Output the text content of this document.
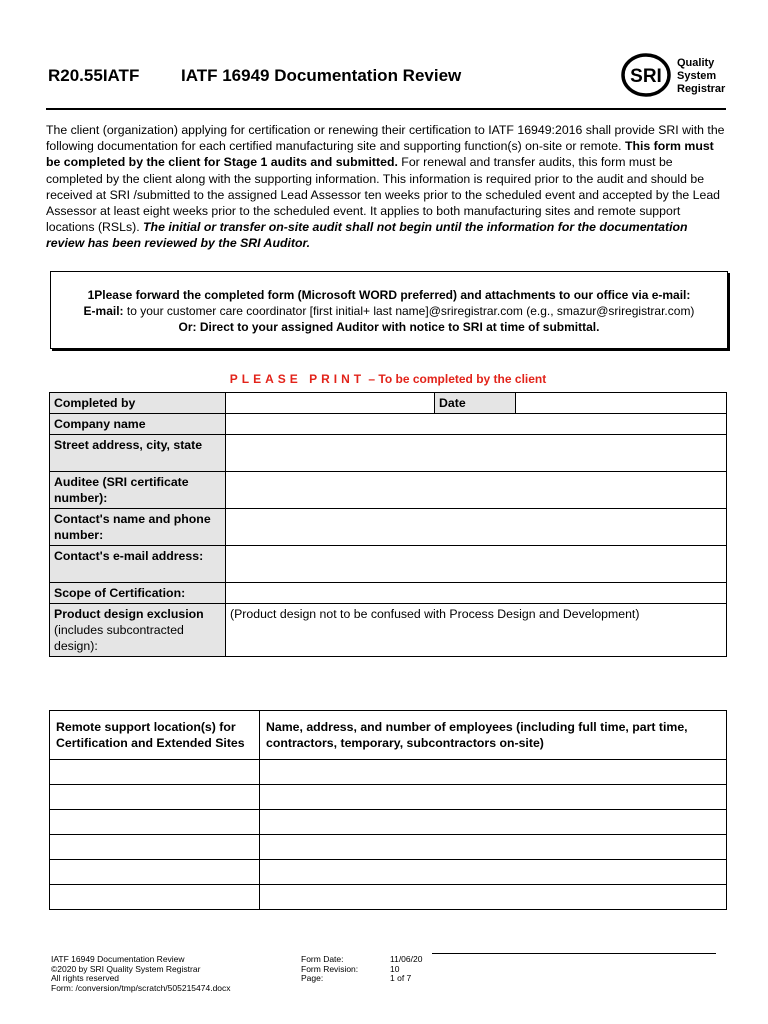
R20.55IATF IATF 16949 Documentation Review	SRI
Quality
System
Registrar
The client (organization) applying for certification or renewing their certification to IATF 16949:2016 shall provide SRI with the following documentation for each certified manufacturing site and supporting function(s) on-site or remote. This form must be completed by the client for Stage 1 audits and submitted. For renewal and transfer audits, this form must be completed by the client along with the supporting information. This information is required prior to the audit and should be received at SRI /submitted to the assigned Lead Assessor ten weeks prior to the scheduled event and accepted by the Lead Assessor at least eight weeks prior to the scheduled event. It applies to both manufacturing sites and remote support locations (RSLs). The initial or transfer on-site audit shall not begin until the information for the documentation review has been reviewed by the SRI Auditor.
1Please forward the completed form (Microsoft WORD preferred) and attachments to our office via e-mail:
E-mail: to your customer care coordinator [first initial+ last name]@sriregistrar.com (e.g., smazur@sriregistrar.com)
Or: Direct to your assigned Auditor with notice to SRI at time of submittal.
PLEASE PRINT – To be completed by the client
Completed by		Date	
Company name			
Street address, city, state			
Auditee (SRI certificate number):			
Contact's name and phone number:			
Contact's e-mail address:			
Scope of Certification:			
Product design exclusion (includes subcontracted design):	(Product design not to be confused with Process Design and Development)		
Remote support location(s) for Certification and Extended Sites	Name, address, and number of employees (including full time, part time, contractors, temporary, subcontractors on-site)

IATF 16949 Documentation Review
©2020 by SRI Quality System Registrar
All rights reserved
Form: /conversion/tmp/scratch/505215474.docx
Form Date:
Form Revision:
Page:
11/06/20
10
1 of 7
